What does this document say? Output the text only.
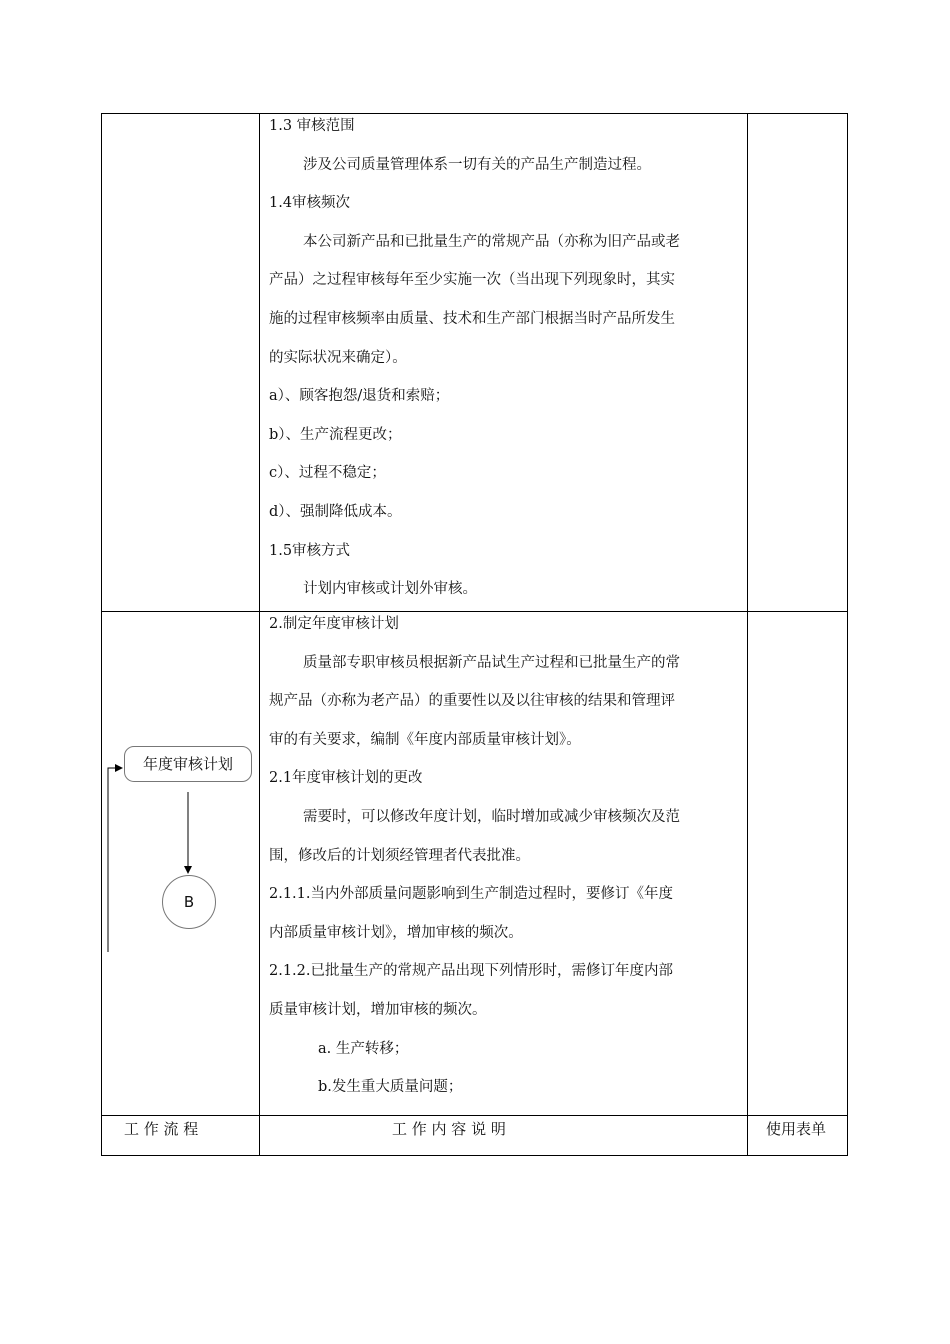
1.3 审核范围
涉及公司质量管理体系一切有关的产品生产制造过程。
1.4审核频次
本公司新产品和已批量生产的常规产品（亦称为旧产品或老
产品）之过程审核每年至少实施一次（当出现下列现象时，其实
施的过程审核频率由质量、技术和生产部门根据当时产品所发生
的实际状况来确定）。
a）、顾客抱怨/退货和索赔；
b）、生产流程更改；
c）、过程不稳定；
d）、强制降低成本。
1.5审核方式
计划内审核或计划外审核。
2.制定年度审核计划
质量部专职审核员根据新产品试生产过程和已批量生产的常
规产品（亦称为老产品）的重要性以及以往审核的结果和管理评
审的有关要求，编制《年度内部质量审核计划》。
2.1年度审核计划的更改
需要时，可以修改年度计划，临时增加或减少审核频次及范
围，修改后的计划须经管理者代表批准。
2.1.1.当内外部质量问题影响到生产制造过程时，要修订《年度
内部质量审核计划》，增加审核的频次。
2.1.2.已批量生产的常规产品出现下列情形时，需修订年度内部
质量审核计划，增加审核的频次。
a. 生产转移；
b.发生重大质量问题；
年度审核计划
B
工 作 流 程	工 作 内 容 说 明	使用表单
